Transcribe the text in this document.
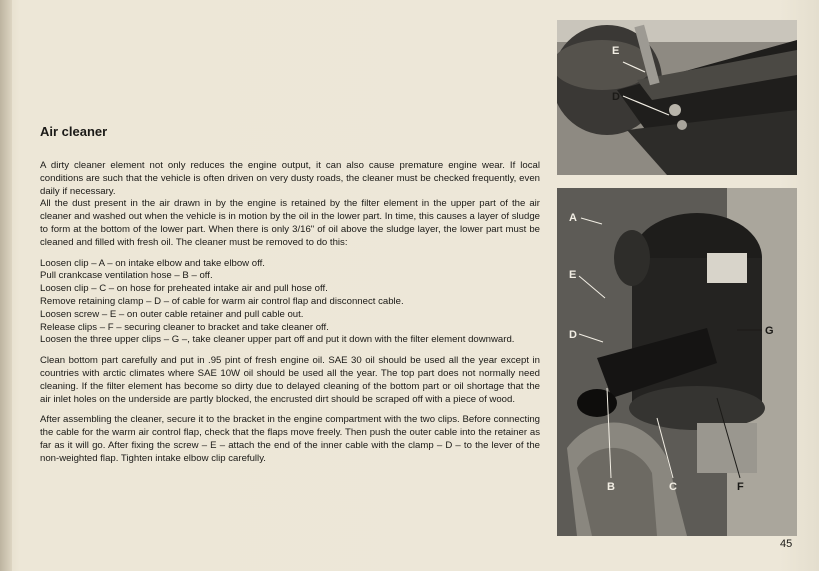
Air cleaner

A dirty cleaner element not only reduces the engine output, it can also cause premature engine wear. If local conditions are such that the vehicle is often driven on very dusty roads, the cleaner must be checked frequently, even daily if necessary.
All the dust present in the air drawn in by the engine is retained by the filter element in the upper part of the air cleaner and washed out when the vehicle is in motion by the oil in the lower part. In time, this causes a layer of sludge to form at the bottom of the lower part. When there is only 3/16" of oil above the sludge layer, the lower part must be cleaned and filled with fresh oil. The cleaner must be removed to do this:

Loosen clip – A – on intake elbow and take elbow off.
Pull crankcase ventilation hose – B – off.
Loosen clip – C – on hose for preheated intake air and pull hose off.
Remove retaining clamp – D – of cable for warm air control flap and disconnect cable.
Loosen screw – E – on outer cable retainer and pull cable out.
Release clips – F – securing cleaner to bracket and take cleaner off.
Loosen the three upper clips – G –, take cleaner upper part off and put it down with the filter element downward.

Clean bottom part carefully and put in .95 pint of fresh engine oil. SAE 30 oil should be used all the year except in countries with arctic climates where SAE 10W oil should be used all the year. The top part does not normally need cleaning. If the filter element has become so dirty due to delayed cleaning of the bottom part or oil shortage that the air inlet holes on the underside are partly blocked, the encrusted dirt should be scraped off with a piece of wood.

After assembling the cleaner, secure it to the bracket in the engine compartment with the two clips. Before connecting the cable for the warm air control flap, check that the flaps move freely. Then push the outer cable into the retainer as far as it will go. After fixing the screw – E – attach the end of the inner cable with the clamp – D – to the lever of the non-weighted flap. Tighten intake elbow clip carefully.

E
D
A
E
D	G
B	C	F
45
